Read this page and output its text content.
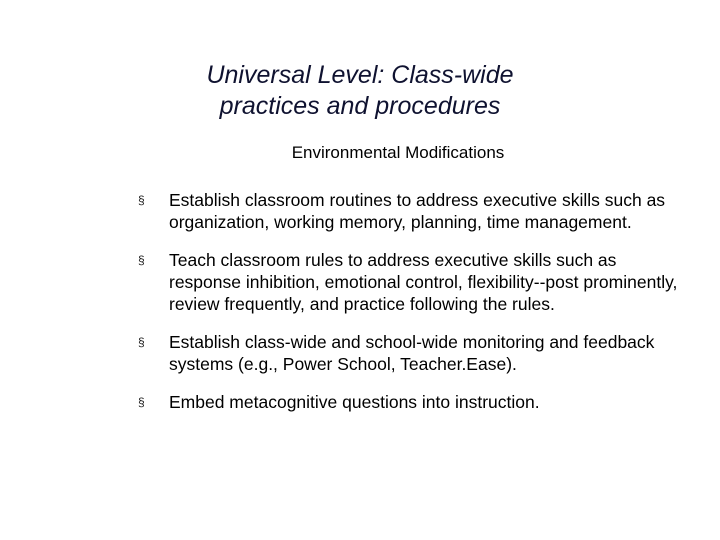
Universal Level: Class-wide
practices and procedures
Environmental Modifications
§ Establish classroom routines to address executive skills such as organization, working memory, planning, time management.
§ Teach classroom rules to address executive skills such as response inhibition, emotional control, flexibility--post prominently, review frequently, and practice following the rules.
§ Establish class-wide and school-wide monitoring and feedback systems (e.g., Power School, Teacher.Ease).
§ Embed metacognitive questions into instruction.
